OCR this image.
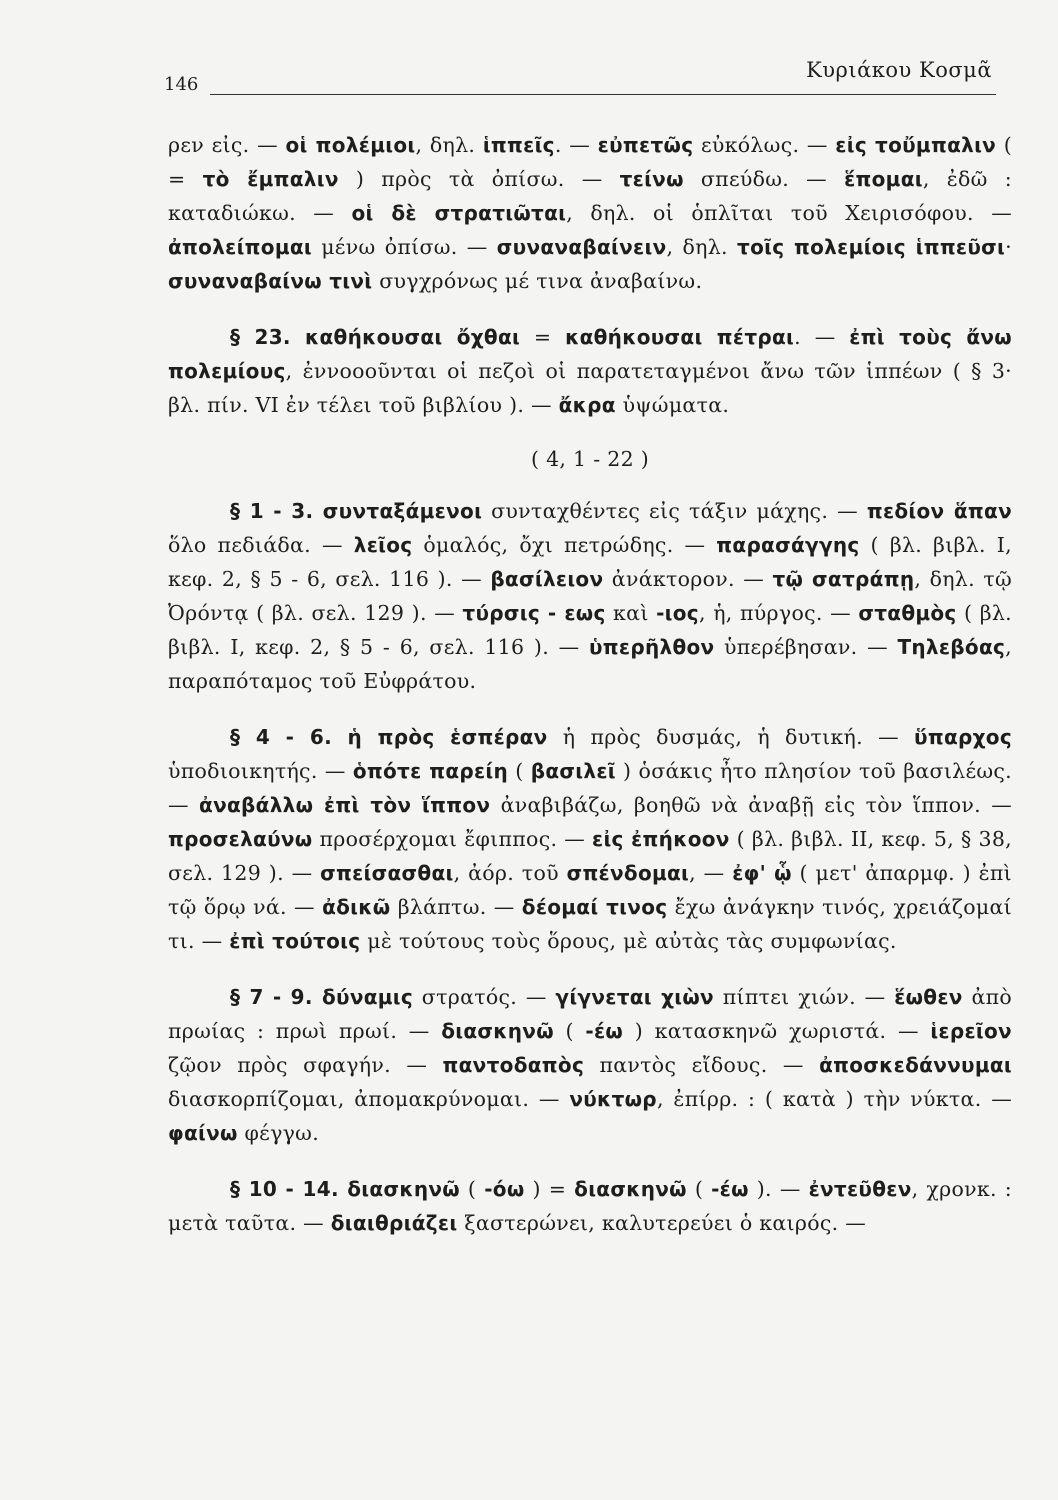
146
Κυριάκου Κοσμᾶ

ρεν εἰς. — οἱ πολέμιοι, δηλ. ἱππεῖς. — εὐπετῶς εὐκόλως. — εἰς τοὔμπαλιν ( = τὸ ἔμπαλιν ) πρὸς τὰ ὀπίσω. — τείνω σπεύδω. — ἕπομαι, ἐδῶ : καταδιώκω. — οἱ δὲ στρατιῶται, δηλ. οἱ ὁπλῖται τοῦ Χειρισόφου. — ἀπολείπομαι μένω ὀπίσω. — συναναβαίνειν, δηλ. τοῖς πολεμίοις ἱππεῦσι· συναναβαίνω τινὶ συγχρόνως μέ τινα ἀναβαίνω.

§ 23. καθήκουσαι ὄχθαι = καθήκουσαι πέτραι. — ἐπὶ τοὺς ἄνω πολεμίους, ἐννοοοῦνται οἱ πεζοὶ οἱ παρατεταγμένοι ἄνω τῶν ἱππέων ( § 3· βλ. πίν. VI ἐν τέλει τοῦ βιβλίου ). — ἄκρα ὑψώματα.

( 4, 1 - 22 )

§ 1 - 3. συνταξάμενοι συνταχθέντες εἰς τάξιν μάχης. — πεδίον ἅπαν ὅλο πεδιάδα. — λεῖος ὁμαλός, ὄχι πετρώδης. — παρασάγγης ( βλ. βιβλ. I, κεφ. 2, § 5 - 6, σελ. 116 ). — βασίλειον ἀνάκτορον. — τῷ σατράπῃ, δηλ. τῷ Ὀρόντᾳ ( βλ. σελ. 129 ). — τύρσις - εως καὶ -ιος, ἡ, πύργος. — σταθμὸς ( βλ. βιβλ. I, κεφ. 2, § 5 - 6, σελ. 116 ). — ὑπερῆλθον ὑπερέβησαν. — Τηλεβόας, παραπόταμος τοῦ Εὐφράτου.

§ 4 - 6. ἡ πρὸς ἑσπέραν ἡ πρὸς δυσμάς, ἡ δυτική. — ὕπαρχος ὑποδιοικητής. — ὁπότε παρείη ( βασιλεῖ ) ὁσάκις ἦτο πλησίον τοῦ βασιλέως. — ἀναβάλλω ἐπὶ τὸν ἵππον ἀναβιβάζω, βοηθῶ νὰ ἀναβῇ εἰς τὸν ἵππον. — προσελαύνω προσέρχομαι ἔφιππος. — εἰς ἐπήκοον ( βλ. βιβλ. II, κεφ. 5, § 38, σελ. 129 ). — σπείσασθαι, ἀόρ. τοῦ σπένδομαι, — ἐφ' ᾧ ( μετ' ἀπαρμφ. ) ἐπὶ τῷ ὅρῳ νά. — ἀδικῶ βλάπτω. — δέομαί τινος ἔχω ἀνάγκην τινός, χρειάζομαί τι. — ἐπὶ τούτοις μὲ τούτους τοὺς ὅρους, μὲ αὐτὰς τὰς συμφωνίας.

§ 7 - 9. δύναμις στρατός. — γίγνεται χιὼν πίπτει χιών. — ἕωθεν ἀπὸ πρωίας : πρωὶ πρωί. — διασκηνῶ ( -έω ) κατασκηνῶ χωριστά. — ἱερεῖον ζῷον πρὸς σφαγήν. — παντοδαπὸς παντὸς εἴδους. — ἀποσκεδάννυμαι διασκορπίζομαι, ἀπομακρύνομαι. — νύκτωρ, ἐπίρρ. : ( κατὰ ) τὴν νύκτα. — φαίνω φέγγω.

§ 10 - 14. διασκηνῶ ( -όω ) = διασκηνῶ ( -έω ). — ἐντεῦθεν, χρονκ. : μετὰ ταῦτα. — διαιθριάζει ξαστερώνει, καλυτερεύει ὁ καιρός. —
